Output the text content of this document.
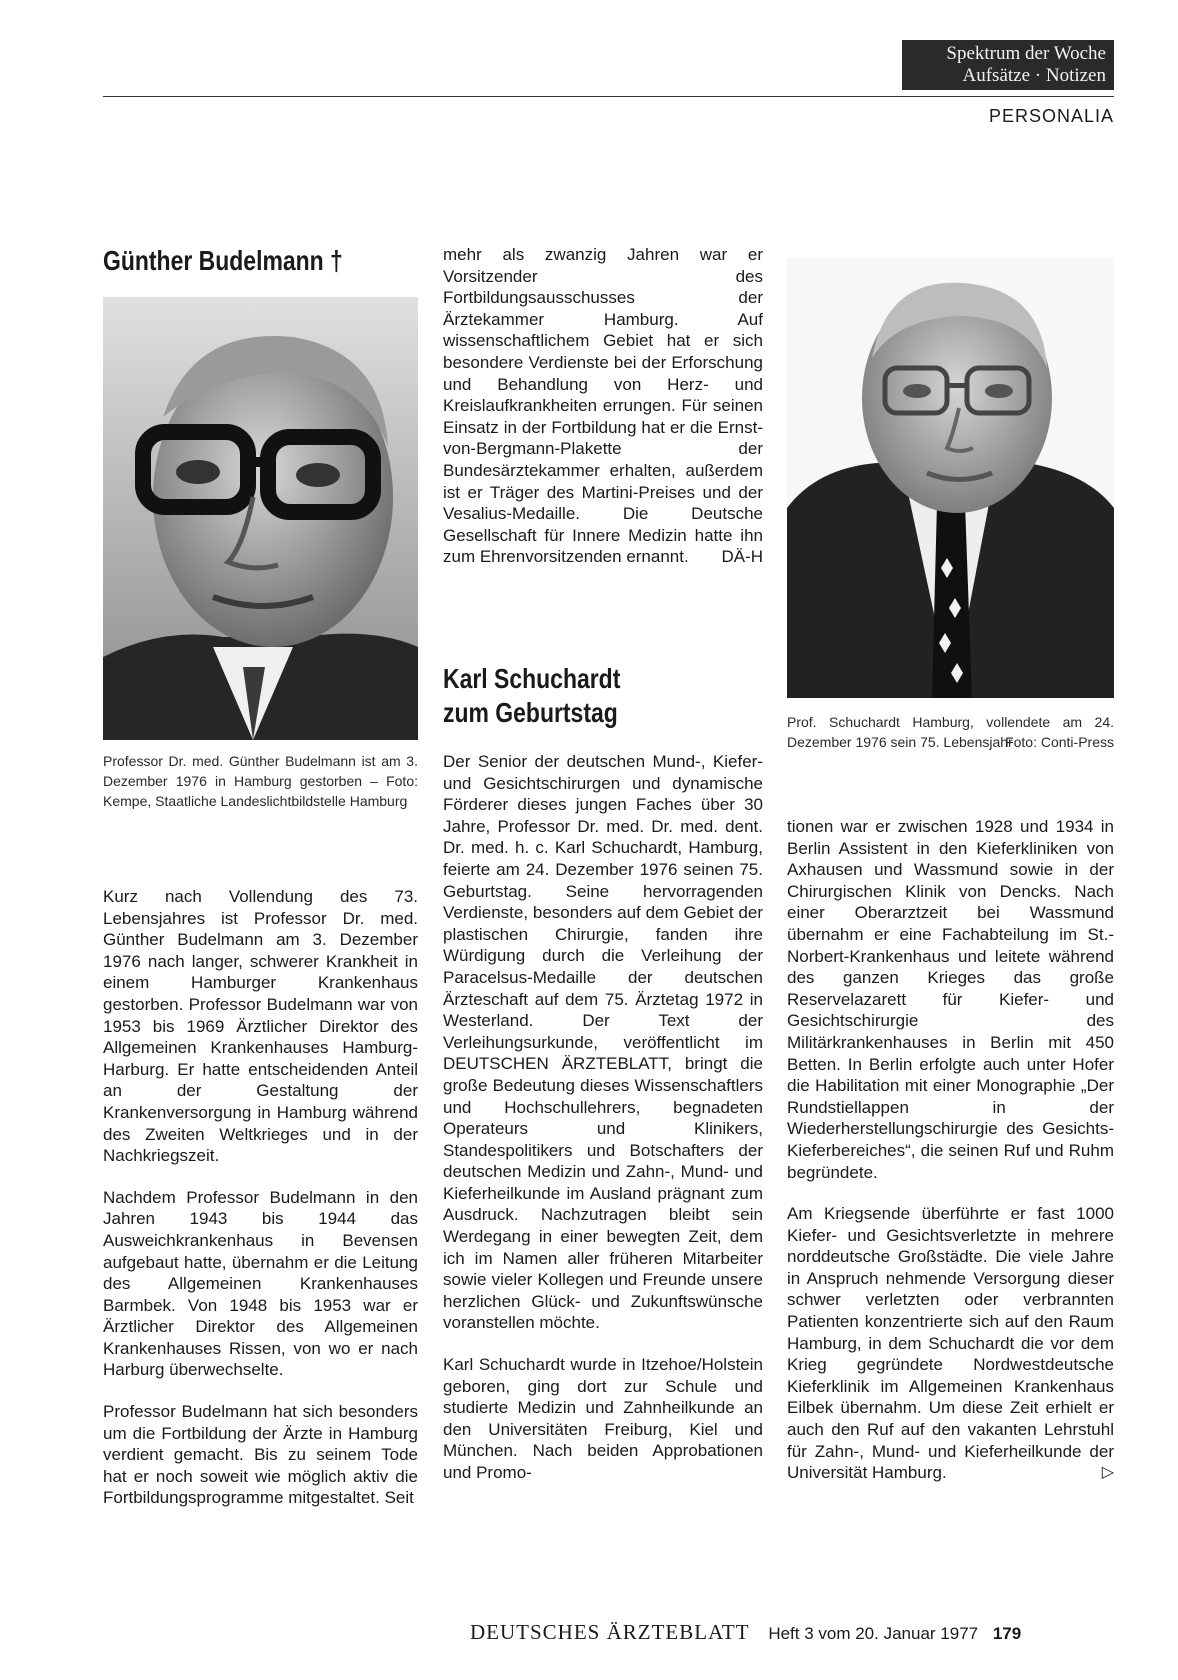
Spektrum der Woche
Aufsätze · Notizen
PERSONALIA
Günther Budelmann †
Professor Dr. med. Günther Budelmann ist am 3. Dezember 1976 in Hamburg gestorben – Foto: Kempe, Staatliche Landeslichtbildstelle Hamburg

Kurz nach Vollendung des 73. Lebensjahres ist Professor Dr. med. Günther Budelmann am 3. Dezember 1976 nach langer, schwerer Krankheit in einem Hamburger Krankenhaus gestorben. Professor Budelmann war von 1953 bis 1969 Ärztlicher Direktor des Allgemeinen Krankenhauses Hamburg-Harburg. Er hatte entscheidenden Anteil an der Gestaltung der Krankenversorgung in Hamburg während des Zweiten Weltkrieges und in der Nachkriegszeit.

Nachdem Professor Budelmann in den Jahren 1943 bis 1944 das Ausweichkrankenhaus in Bevensen aufgebaut hatte, übernahm er die Leitung des Allgemeinen Krankenhauses Barmbek. Von 1948 bis 1953 war er Ärztlicher Direktor des Allgemeinen Krankenhauses Rissen, von wo er nach Harburg überwechselte.

Professor Budelmann hat sich besonders um die Fortbildung der Ärzte in Hamburg verdient gemacht. Bis zu seinem Tode hat er noch soweit wie möglich aktiv die Fortbildungsprogramme mitgestaltet. Seit

mehr als zwanzig Jahren war er Vorsitzender des Fortbildungsausschusses der Ärztekammer Hamburg. Auf wissenschaftlichem Gebiet hat er sich besondere Verdienste bei der Erforschung und Behandlung von Herz- und Kreislaufkrankheiten errungen. Für seinen Einsatz in der Fortbildung hat er die Ernst-von-Bergmann-Plakette der Bundesärztekammer erhalten, außerdem ist er Träger des Martini-Preises und der Vesalius-Medaille. Die Deutsche Gesellschaft für Innere Medizin hatte ihn zum Ehrenvorsitzenden ernannt. DÄ-H

Prof. Schuchardt Hamburg, vollendete am 24. Dezember 1976 sein 75. Lebensjahr
Foto: Conti-Press
Karl Schuchardt
zum Geburtstag

Der Senior der deutschen Mund-, Kiefer- und Gesichtschirurgen und dynamische Förderer dieses jungen Faches über 30 Jahre, Professor Dr. med. Dr. med. dent. Dr. med. h. c. Karl Schuchardt, Hamburg, feierte am 24. Dezember 1976 seinen 75. Geburtstag. Seine hervorragenden Verdienste, besonders auf dem Gebiet der plastischen Chirurgie, fanden ihre Würdigung durch die Verleihung der Paracelsus-Medaille der deutschen Ärzteschaft auf dem 75. Ärztetag 1972 in Westerland. Der Text der Verleihungsurkunde, veröffentlicht im DEUTSCHEN ÄRZTEBLATT, bringt die große Bedeutung dieses Wissenschaftlers und Hochschullehrers, begnadeten Operateurs und Klinikers, Standespolitikers und Botschafters der deutschen Medizin und Zahn-, Mund- und Kieferheilkunde im Ausland prägnant zum Ausdruck. Nachzutragen bleibt sein Werdegang in einer bewegten Zeit, dem ich im Namen aller früheren Mitarbeiter sowie vieler Kollegen und Freunde unsere herzlichen Glück- und Zukunftswünsche voranstellen möchte.

Karl Schuchardt wurde in Itzehoe/Holstein geboren, ging dort zur Schule und studierte Medizin und Zahnheilkunde an den Universitäten Freiburg, Kiel und München. Nach beiden Approbationen und Promo-

tionen war er zwischen 1928 und 1934 in Berlin Assistent in den Kieferkliniken von Axhausen und Wassmund sowie in der Chirurgischen Klinik von Dencks. Nach einer Oberarztzeit bei Wassmund übernahm er eine Fachabteilung im St.-Norbert-Krankenhaus und leitete während des ganzen Krieges das große Reservelazarett für Kiefer- und Gesichtschirurgie des Militärkrankenhauses in Berlin mit 450 Betten. In Berlin erfolgte auch unter Hofer die Habilitation mit einer Monographie „Der Rundstiellappen in der Wiederherstellungschirurgie des Gesichts-Kieferbereiches“, die seinen Ruf und Ruhm begründete.

Am Kriegsende überführte er fast 1000 Kiefer- und Gesichtsverletzte in mehrere norddeutsche Großstädte. Die viele Jahre in Anspruch nehmende Versorgung dieser schwer verletzten oder verbrannten Patienten konzentrierte sich auf den Raum Hamburg, in dem Schuchardt die vor dem Krieg gegründete Nordwestdeutsche Kieferklinik im Allgemeinen Krankenhaus Eilbek übernahm. Um diese Zeit erhielt er auch den Ruf auf den vakanten Lehrstuhl für Zahn-, Mund- und Kieferheilkunde der Universität Hamburg.	▷

DEUTSCHES ÄRZTEBLATT Heft 3 vom 20. Januar 1977 179
